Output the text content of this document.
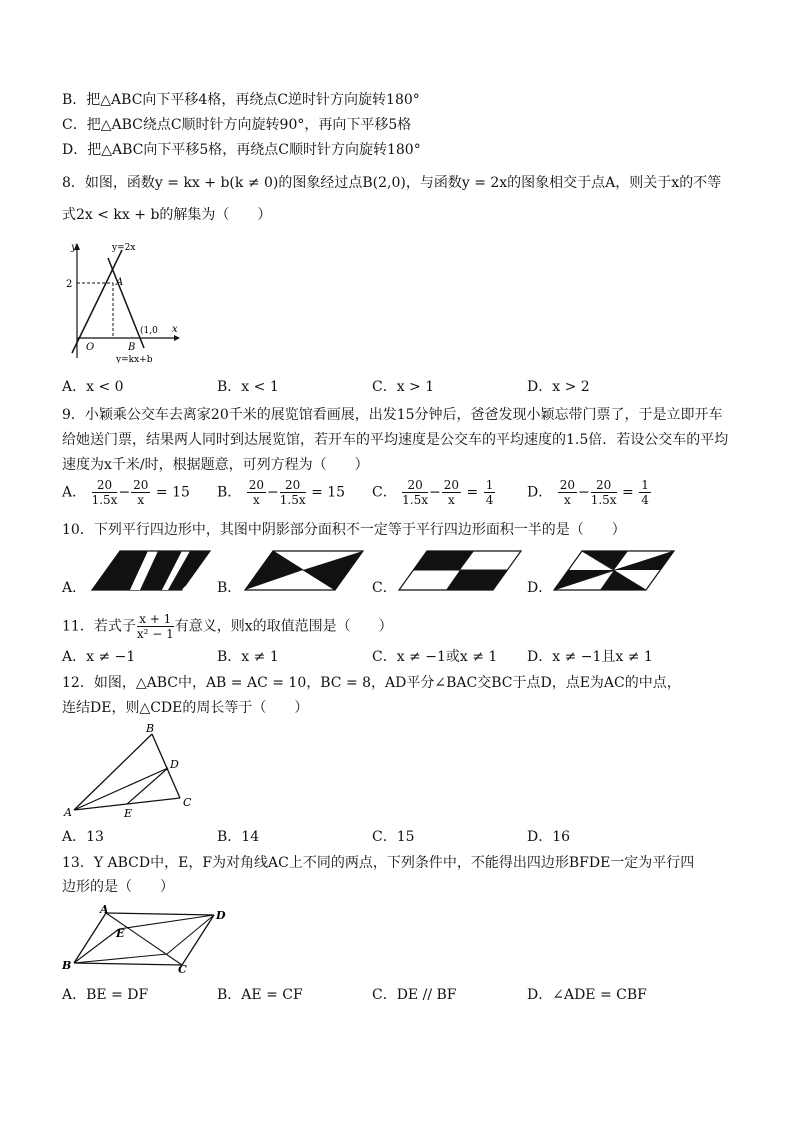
B．把△ABC向下平移4格，再绕点C逆时针方向旋转180°
C．把△ABC绕点C顺时针方向旋转90°，再向下平移5格
D．把△ABC向下平移5格，再绕点C顺时针方向旋转180°
8．如图，函数y = kx + b(k ≠ 0)的图象经过点B(2,0)，与函数y = 2x的图象相交于点A，则关于x的不等
式2x < kx + b的解集为（　　）
y
x
y=2x
y=kx+b
A
B
O
2
(1,0
A．x < 0	B．x < 1	C．x > 1	D．x > 2
9．小颖乘公交车去离家20千米的展览馆看画展，出发15分钟后，爸爸发现小颖忘带门票了，于是立即开车
给她送门票，结果两人同时到达展览馆，若开车的平均速度是公交车的平均速度的1.5倍．若设公交车的平均
速度为x千米/时，根据题意，可列方程为（　　）
A． $\frac{20}{1.5x} - \frac{20}{x} = 15$ B． $\frac{20}{x} - \frac{20}{1.5x} = 15$ C． $\frac{20}{1.5x} - \frac{20}{x} = \frac{1}{4}$ D． $\frac{20}{x} - \frac{20}{1.5x} = \frac{1}{4}$
10．下列平行四边形中，其图中阴影部分面积不一定等于平行四边形面积一半的是（　　）
A．	B．	C．	D．
11．若式子 $\frac{x + 1}{\text{x² − 1}}$ 有意义，则x的取值范围是（　　）
A．x ≠ −1	B．x ≠ 1	C．x ≠ −1或x ≠ 1 D．x ≠ −1且x ≠ 1
12．如图，△ABC中，AB = AC = 10，BC = 8，AD平分∠BAC交BC于点D，点E为AC的中点，
连结DE，则△CDE的周长等于（　　）
A
B
C
D
E
A．13	B．14	C．15	D．16
13．Y ABCD中，E，F为对角线AC上不同的两点，下列条件中，不能得出四边形BFDE一定为平行四
边形的是（　　）
A
B	C
D
E
A．BE = DF	B．AE = CF	C．DE // BF	D．∠ADE = CBF
